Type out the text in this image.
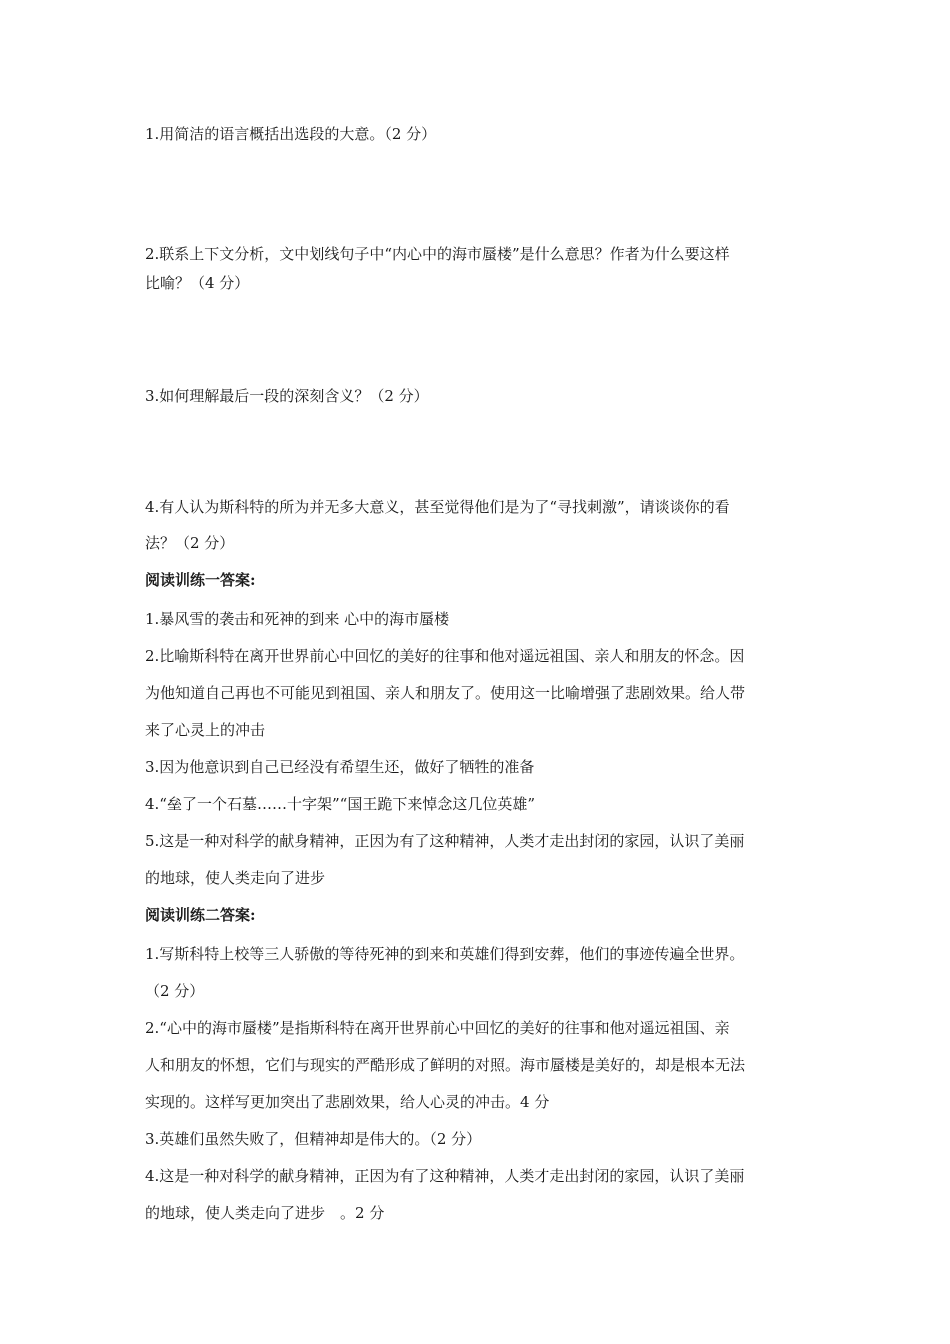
1.用简洁的语言概括出选段的大意。（2 分）
2.联系上下文分析，文中划线句子中“内心中的海市蜃楼”是什么意思？作者为什么要这样
比喻？（4 分）
3.如何理解最后一段的深刻含义？（2 分）
4.有人认为斯科特的所为并无多大意义，甚至觉得他们是为了“寻找刺激”，请谈谈你的看
法？（2 分）
阅读训练一答案:
1.暴风雪的袭击和死神的到来 心中的海市蜃楼
2.比喻斯科特在离开世界前心中回忆的美好的往事和他对遥远祖国、亲人和朋友的怀念。因
为他知道自己再也不可能见到祖国、亲人和朋友了。使用这一比喻增强了悲剧效果。给人带
来了心灵上的冲击
3.因为他意识到自己已经没有希望生还，做好了牺牲的准备
4.“垒了一个石墓……十字架”“国王跪下来悼念这几位英雄”
5.这是一种对科学的献身精神，正因为有了这种精神，人类才走出封闭的家园，认识了美丽
的地球，使人类走向了进步
阅读训练二答案:
1.写斯科特上校等三人骄傲的等待死神的到来和英雄们得到安葬，他们的事迹传遍全世界。
（2 分）
2.“心中的海市蜃楼”是指斯科特在离开世界前心中回忆的美好的往事和他对遥远祖国、亲
人和朋友的怀想，它们与现实的严酷形成了鲜明的对照。海市蜃楼是美好的，却是根本无法
实现的。这样写更加突出了悲剧效果，给人心灵的冲击。4 分
3.英雄们虽然失败了，但精神却是伟大的。（2 分）
4.这是一种对科学的献身精神，正因为有了这种精神，人类才走出封闭的家园，认识了美丽
的地球，使人类走向了进步　。2 分
